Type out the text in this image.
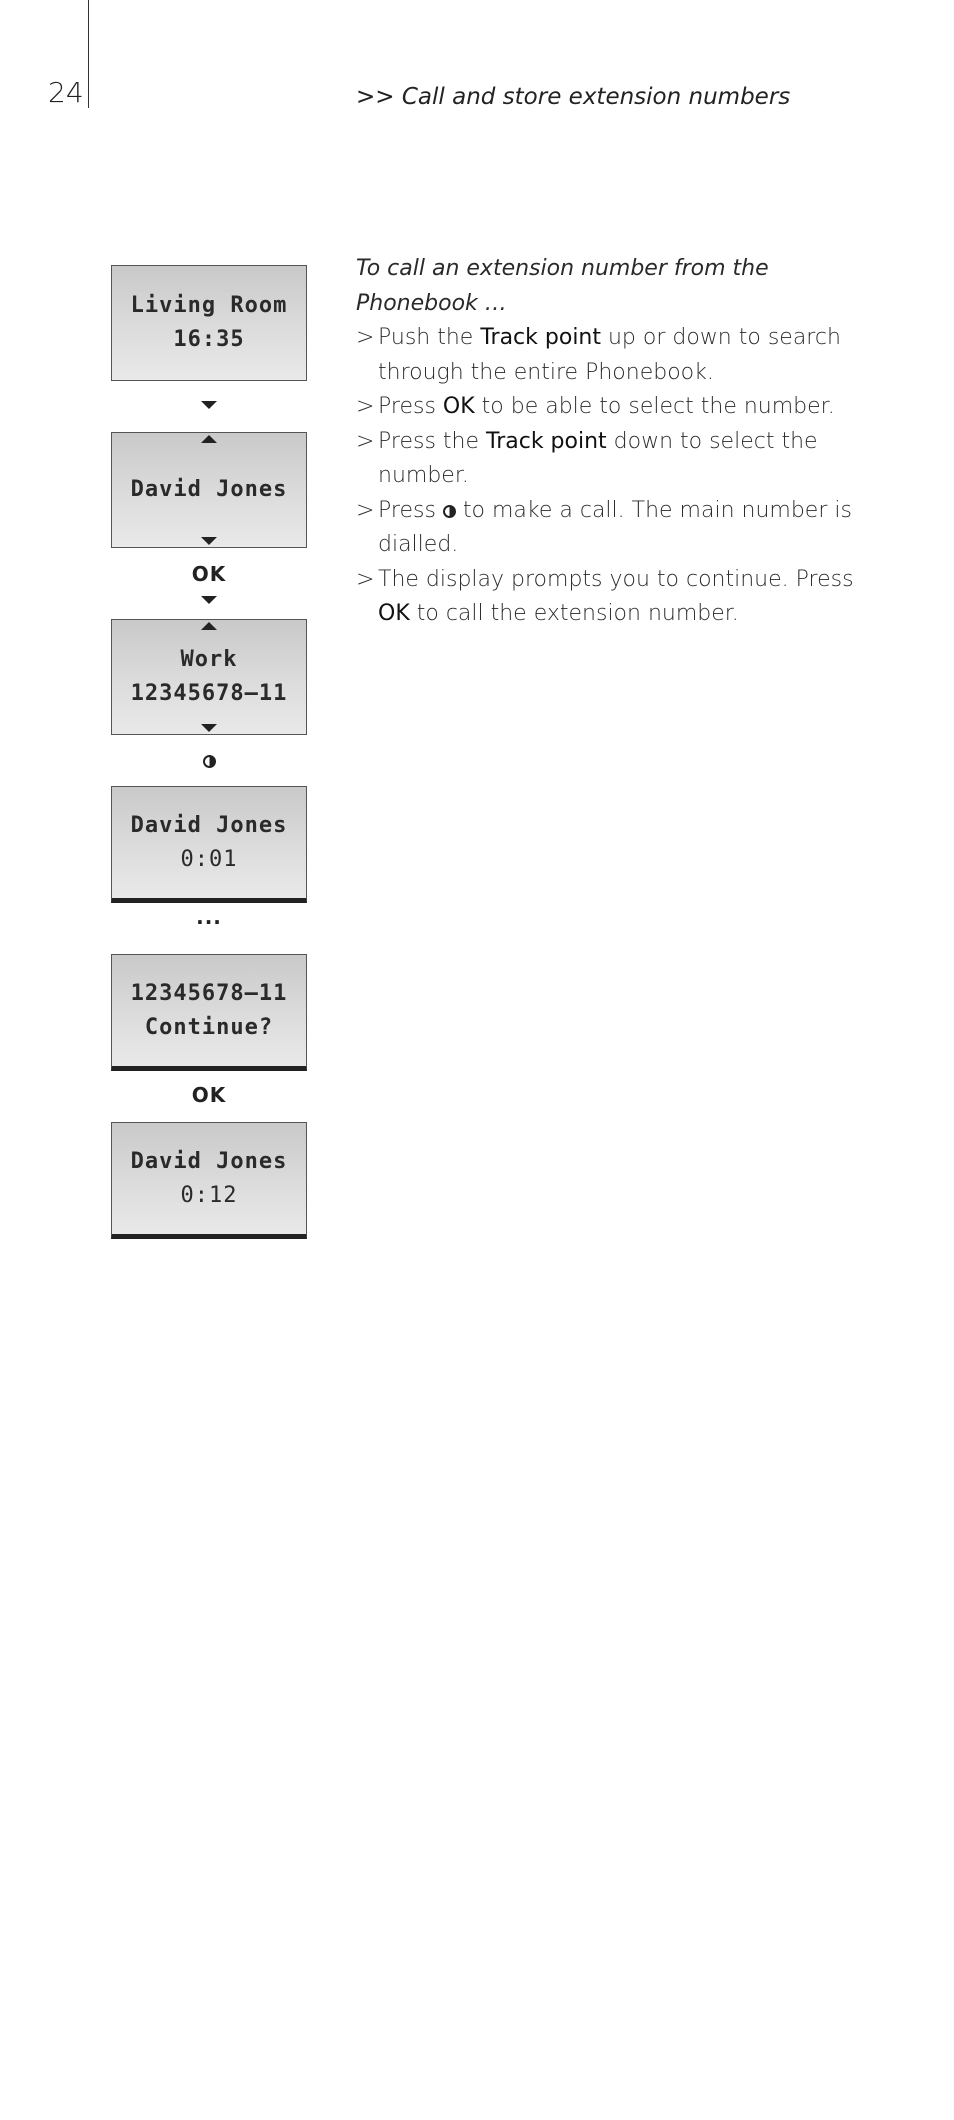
24	>> Call and store extension numbers
Living Room
16:35
David Jones
OK
Work
12345678–11
David Jones
0:01
...
12345678–11
Continue?
OK
David Jones
0:12

To call an extension number from the Phonebook …

> Push the Track point up or down to search through the entire Phonebook.
> Press OK to be able to select the number.
> Press the Track point down to select the number.
> Press  to make a call. The main number is dialled.
> The display prompts you to continue. Press OK to call the extension number.
